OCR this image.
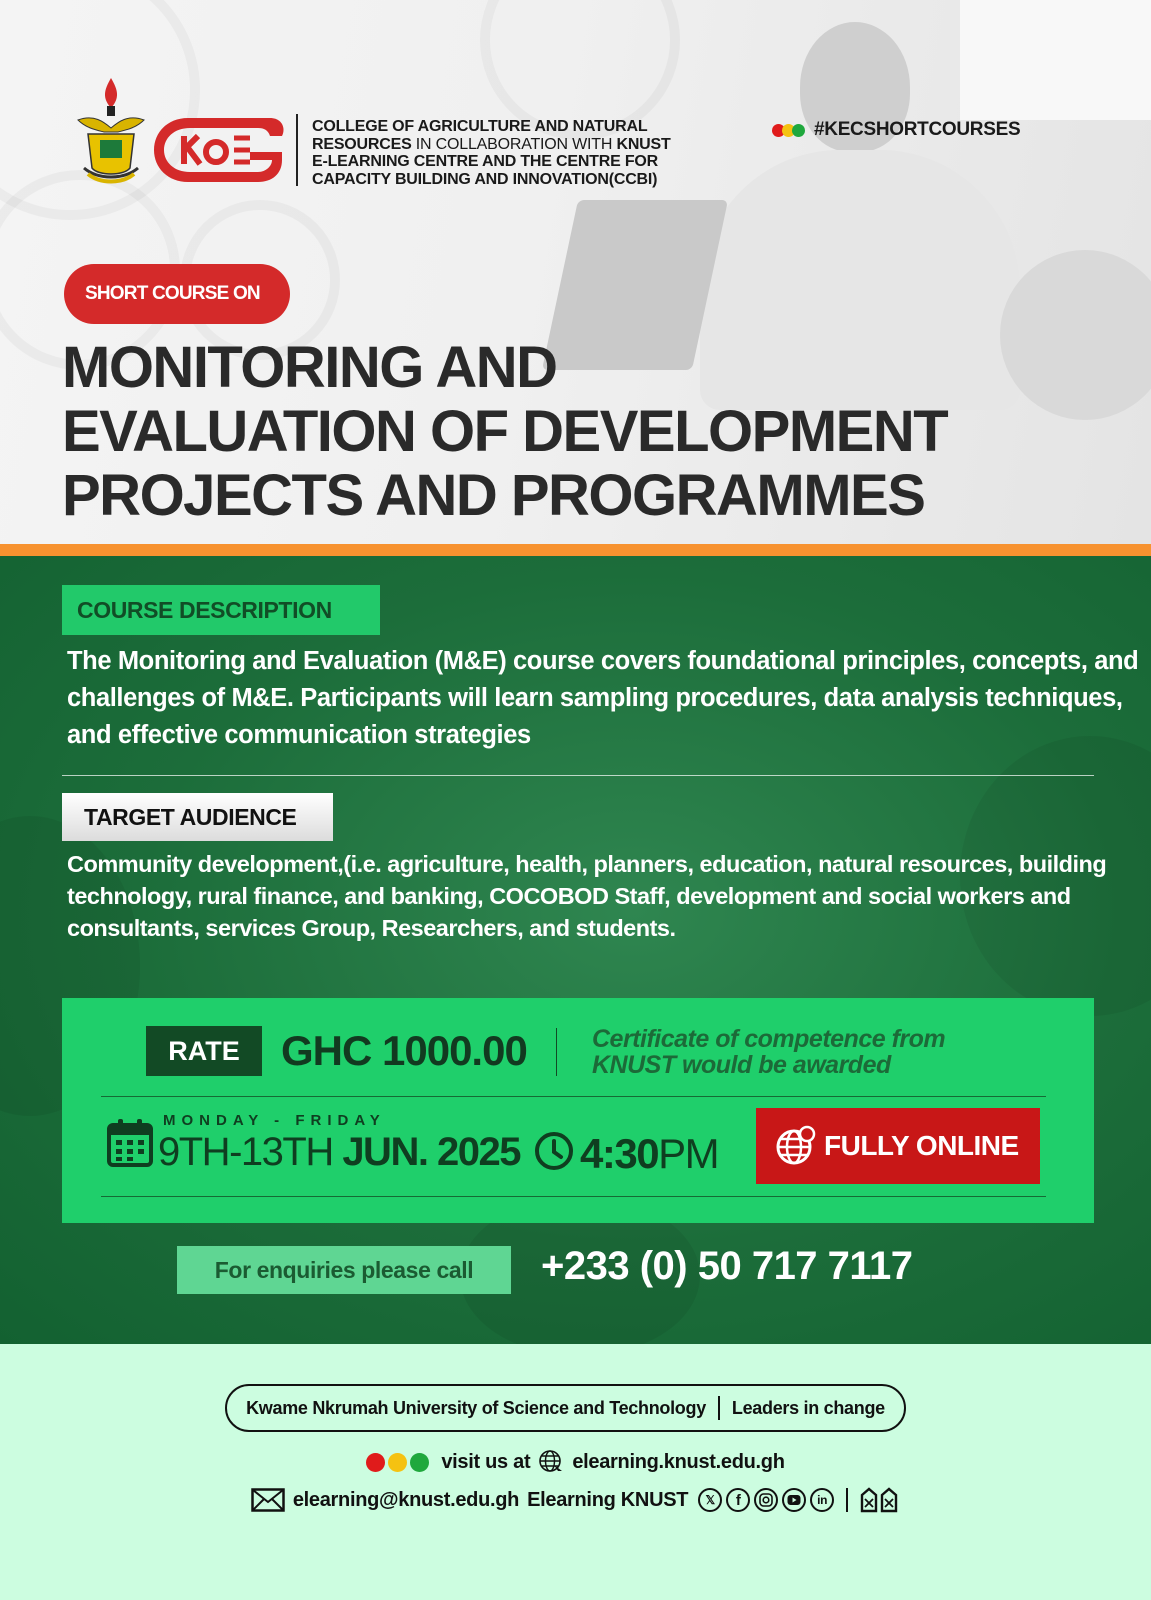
COLLEGE OF AGRICULTURE AND NATURAL
RESOURCES IN COLLABORATION WITH KNUST
E-LEARNING CENTRE AND THE CENTRE FOR
CAPACITY BUILDING AND INNOVATION(CCBI)
#KECSHORTCOURSES
SHORT COURSE ON
MONITORING AND
EVALUATION OF DEVELOPMENT
PROJECTS AND PROGRAMMES
COURSE DESCRIPTION
The Monitoring and Evaluation (M&E) course covers foundational principles, concepts, and challenges of M&E. Participants will learn sampling procedures, data analysis techniques, and effective communication strategies
TARGET AUDIENCE
Community development,(i.e. agriculture, health, planners, education, natural resources, building technology, rural finance, and banking, COCOBOD Staff, development and social workers and consultants, services Group, Researchers, and students.
RATE GHC 1000.00	Certificate of competence from KNUST would be awarded
MONDAY - FRIDAY
9TH-13TH JUN. 2025 4:30PM	FULLY ONLINE
For enquiries please call	+233 (0) 50 717 7117
Kwame Nkrumah University of Science and Technology Leaders in change
visit us at elearning.knust.edu.gh
elearning@knust.edu.gh Elearning KNUST	𝕏	f	in
